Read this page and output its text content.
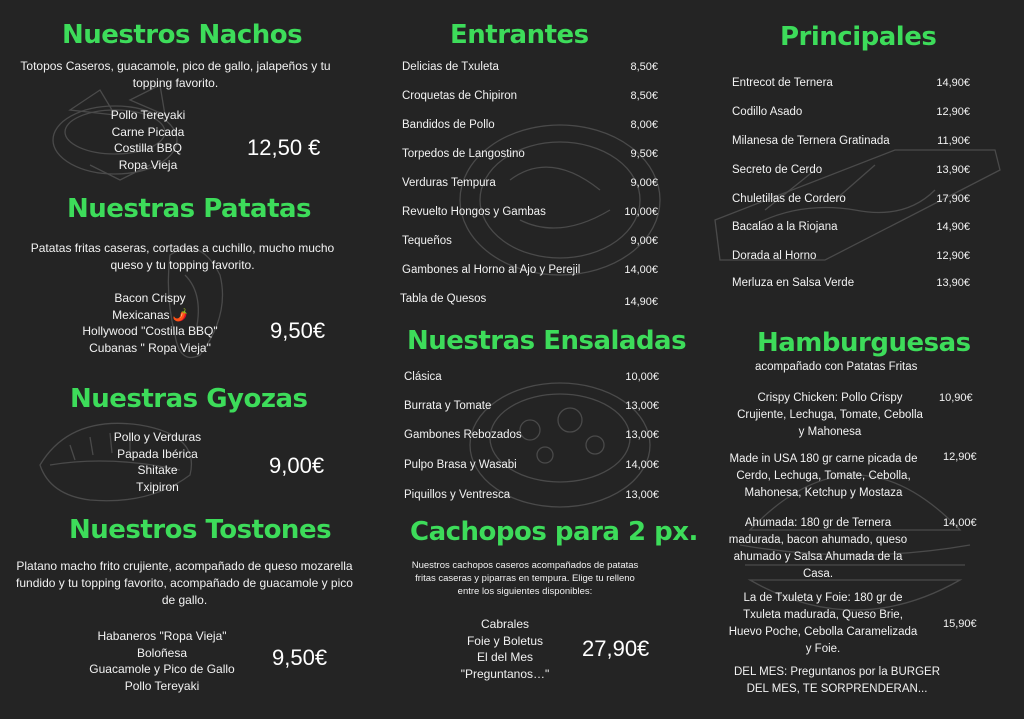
Nuestros Nachos
Totopos Caseros, guacamole, pico de gallo, jalapeños y tu topping favorito.
Pollo Tereyaki
Carne Picada
Costilla BBQ
Ropa Vieja
12,50 €
Nuestras Patatas
Patatas fritas caseras, cortadas a cuchillo, mucho mucho queso y tu topping favorito.
Bacon Crispy
Mexicanas 🌶️
Hollywood "Costilla BBQ"
Cubanas " Ropa Vieja"
9,50€
Nuestras Gyozas
Pollo y Verduras
Papada Ibérica
Shitake
Txipiron
9,00€
Nuestros Tostones
Platano macho frito crujiente, acompañado de queso mozarella fundido y tu topping favorito, acompañado de guacamole y pico de gallo.
Habaneros "Ropa Vieja"
Boloñesa
Guacamole y Pico de Gallo
Pollo Tereyaki
9,50€
Entrantes
Delicias de Txuleta	8,50€
Croquetas de Chipiron	8,50€
Bandidos de Pollo	8,00€
Torpedos de Langostino	9,50€
Verduras Tempura	9,00€
Revuelto Hongos y Gambas	10,00€
Tequeños	9,00€
Gambones al Horno al Ajo y Perejil	14,00€
Tabla de Quesos	14,90€
Nuestras Ensaladas
Clásica	10,00€
Burrata y Tomate	13,00€
Gambones Rebozados	13,00€
Pulpo Brasa y Wasabi	14,00€
Piquillos y Ventresca	13,00€
Cachopos para 2 px.
Nuestros cachopos caseros acompañados de patatas fritas caseras y piparras en tempura. Elige tu relleno entre los siguientes disponibles:
Cabrales
Foie y Boletus
El del Mes
"Preguntanos…"
27,90€
Principales
Entrecot de Ternera	14,90€
Codillo Asado	12,90€
Milanesa de Ternera Gratinada	11,90€
Secreto de Cerdo	13,90€
Chuletillas de Cordero	17,90€
Bacalao a la Riojana	14,90€
Dorada al Horno	12,90€
Merluza en Salsa Verde	13,90€
Hamburguesas
acompañado con Patatas Fritas
Crispy Chicken: Pollo Crispy Crujiente, Lechuga, Tomate, Cebolla y Mahonesa
10,90€
Made in USA 180 gr carne picada de Cerdo, Lechuga, Tomate, Cebolla, Mahonesa, Ketchup y Mostaza
12,90€
Ahumada: 180 gr de Ternera madurada, bacon ahumado, queso ahumado y Salsa Ahumada de la Casa.
14,00€
La de Txuleta y Foie: 180 gr de Txuleta madurada, Queso Brie, Huevo Poche, Cebolla Caramelizada y Foie.
15,90€
DEL MES: Preguntanos por la BURGER DEL MES, TE SORPRENDERAN...
